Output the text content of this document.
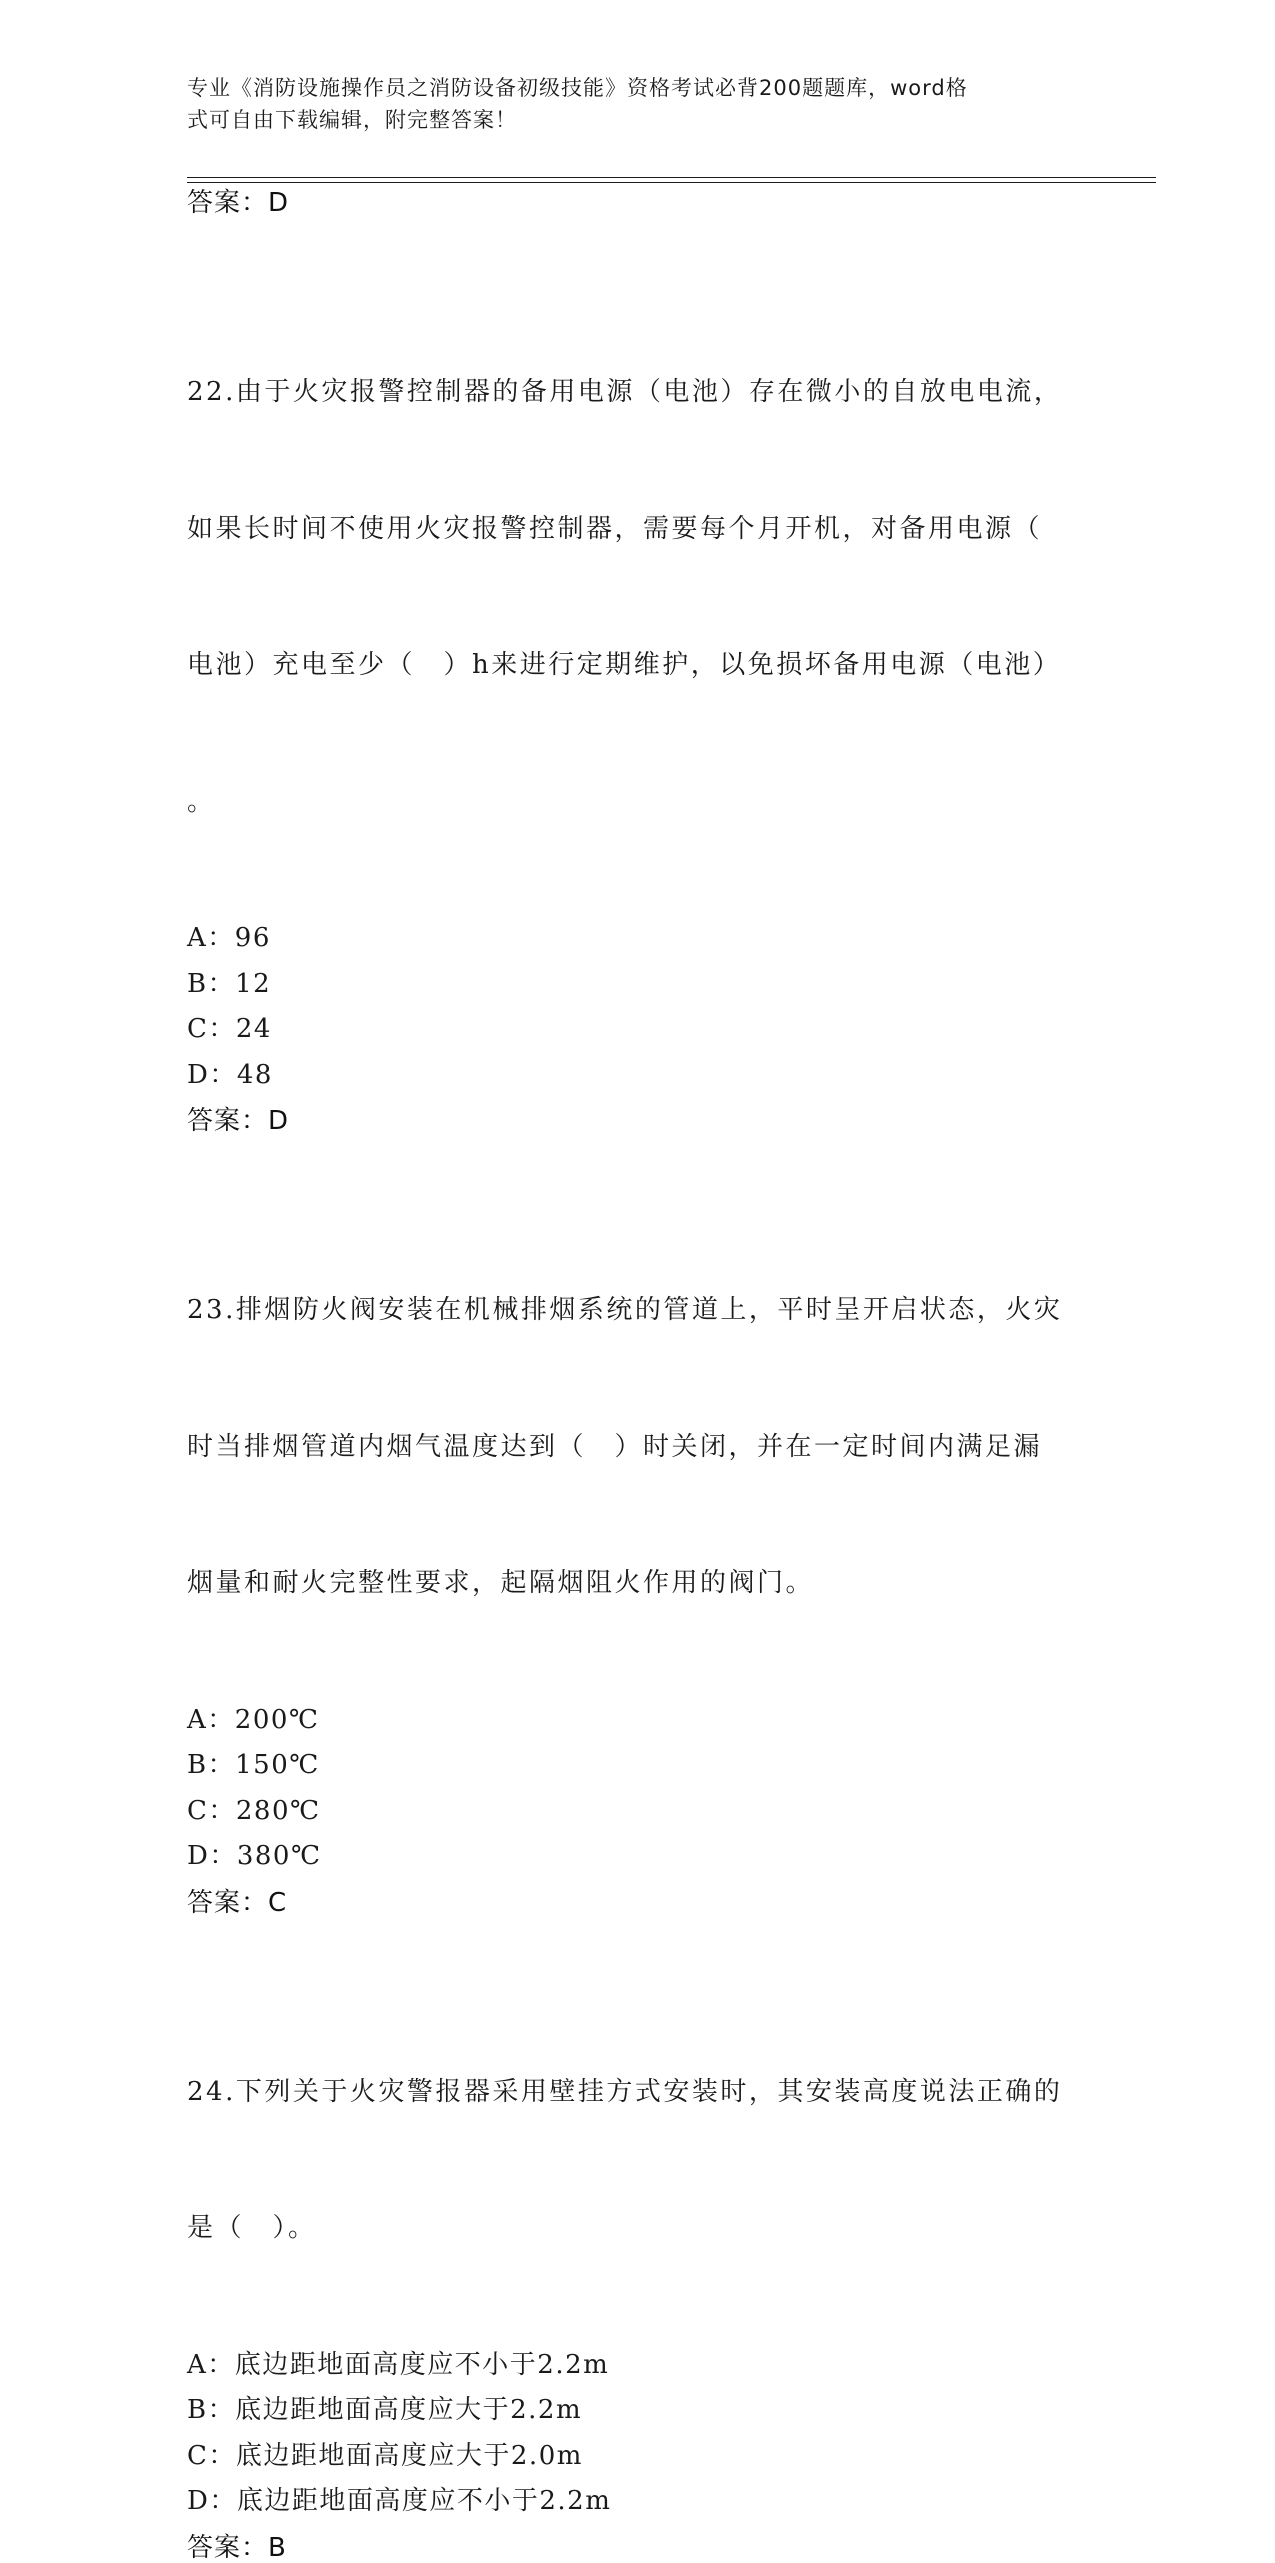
专业《消防设施操作员之消防设备初级技能》资格考试必背200题题库，word格
式可自由下载编辑，附完整答案！
答案：D

22.由于火灾报警控制器的备用电源（电池）存在微小的自放电电流，

如果长时间不使用火灾报警控制器，需要每个月开机，对备用电源（

电池）充电至少（　）h来进行定期维护，以免损坏备用电源（电池）

。

A：96
B：12
C：24
D：48
答案：D

23.排烟防火阀安装在机械排烟系统的管道上，平时呈开启状态，火灾

时当排烟管道内烟气温度达到（　）时关闭，并在一定时间内满足漏

烟量和耐火完整性要求，起隔烟阻火作用的阀门。

A：200℃
B：150℃
C：280℃
D：380℃
答案：C

24.下列关于火灾警报器采用壁挂方式安装时，其安装高度说法正确的

是（　）。

A：底边距地面高度应不小于2.2m
B：底边距地面高度应大于2.2m
C：底边距地面高度应大于2.0m
D：底边距地面高度应不小于2.2m
答案：B
